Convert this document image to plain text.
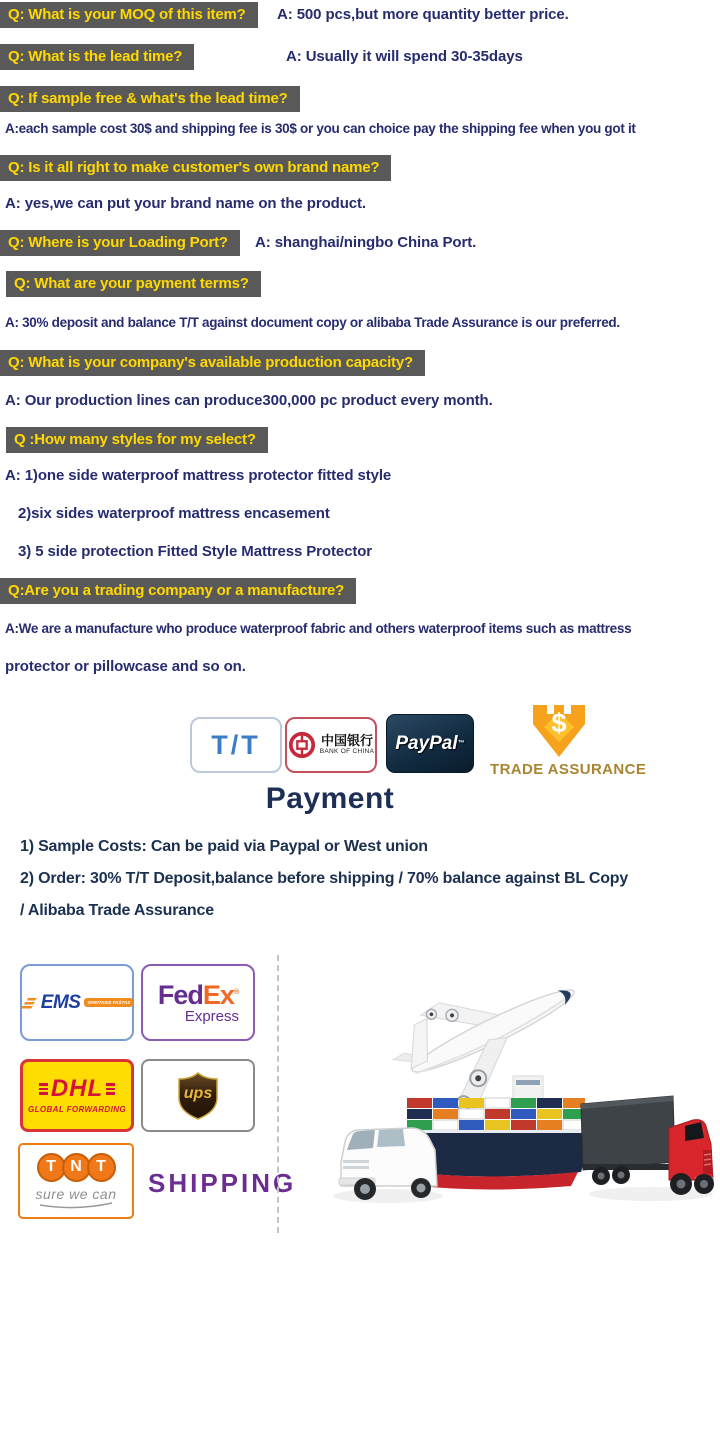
Q: What is your MOQ of this item?	A: 500 pcs,but more quantity better price.
Q: What is the lead time?	A: Usually it will spend 30-35days
Q: If sample free & what's the lead time?
A:each sample cost 30$ and shipping fee is 30$ or you can choice pay the shipping fee when you got it
Q: Is it all right to make customer's own brand name?
A: yes,we can put your brand name on the product.
Q: Where is your Loading Port?	A: shanghai/ningbo China Port.
Q: What are your payment terms?
A: 30% deposit and balance T/T against document copy or alibaba Trade Assurance is our preferred.
Q: What is your company's available production capacity?
A: Our production lines can produce300,000 pc product every month.
Q :How many styles for my select?
A: 1)one side waterproof mattress protector fitted style
2)six sides waterproof mattress encasement
3) 5 side protection Fitted Style Mattress Protector
Q:Are you a trading company or a manufacture?
A:We are a manufacture who produce waterproof fabric and others waterproof items such as mattress
protector or pillowcase and so on.
T/T	中国银行
BANK OF CHINA PayPal ™
$
TRADE ASSURANCE
Payment
1) Sample Costs: Can be paid via Paypal or West union
2) Order: 30% T/T Deposit,balance before shipping / 70% balance against BL Copy
/ Alibaba Trade Assurance
EMS	GREITASIS PAŠTAS FedEx®
Express
DHL
GLOBAL FORWARDING
ups
T N T
sure we can SHIPPING
